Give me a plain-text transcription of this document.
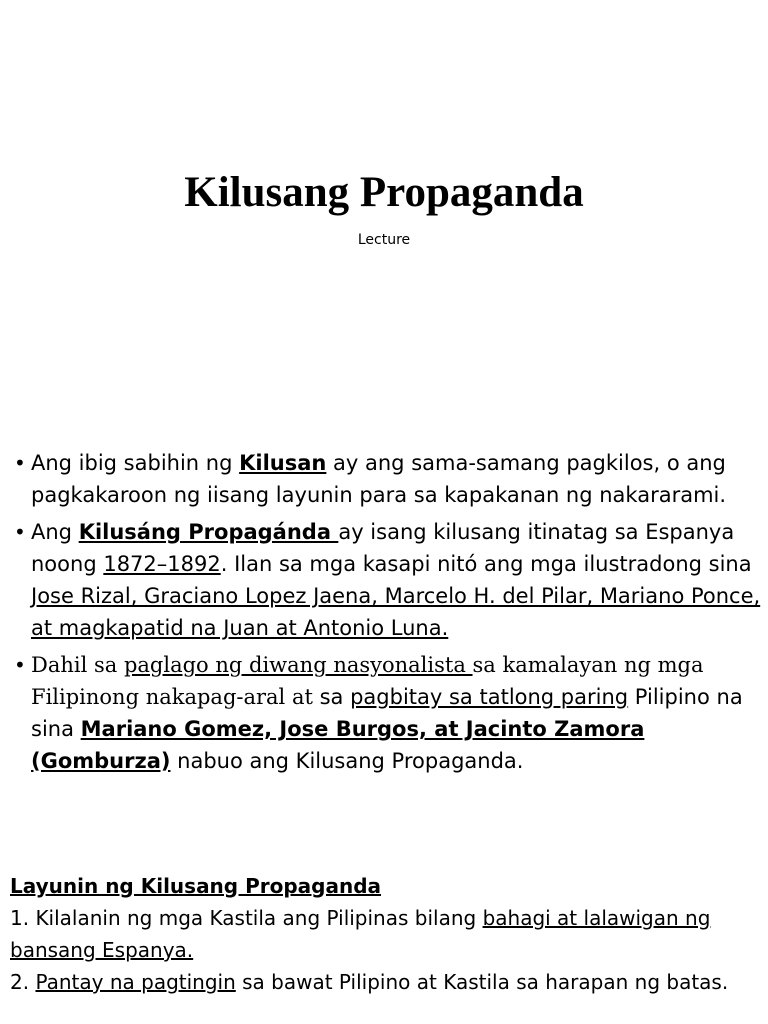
Kilusang Propaganda
Lecture
• Ang ibig sabihin ng Kilusan ay ang sama-samang pagkilos, o ang pagkakaroon ng iisang layunin para sa kapakanan ng nakararami.
• Ang Kilusáng Propagánda ay isang kilusang itinatag sa Espanya noong 1872–1892. Ilan sa mga kasapi nitó ang mga ilustradong sina Jose Rizal, Graciano Lopez Jaena, Marcelo H. del Pilar, Mariano Ponce, at magkapatid na Juan at Antonio Luna.
• Dahil sa paglago ng diwang nasyonalista sa kamalayan ng mga Filipinong nakapag-aral at sa pagbitay sa tatlong paring Pilipino na sina Mariano Gomez, Jose Burgos, at Jacinto Zamora (Gomburza) nabuo ang Kilusang Propaganda.

Layunin ng Kilusang Propaganda

1. Kilalanin ng mga Kastila ang Pilipinas bilang bahagi at lalawigan ng bansang Espanya.

2. Pantay na pagtingin sa bawat Pilipino at Kastila sa harapan ng batas.
